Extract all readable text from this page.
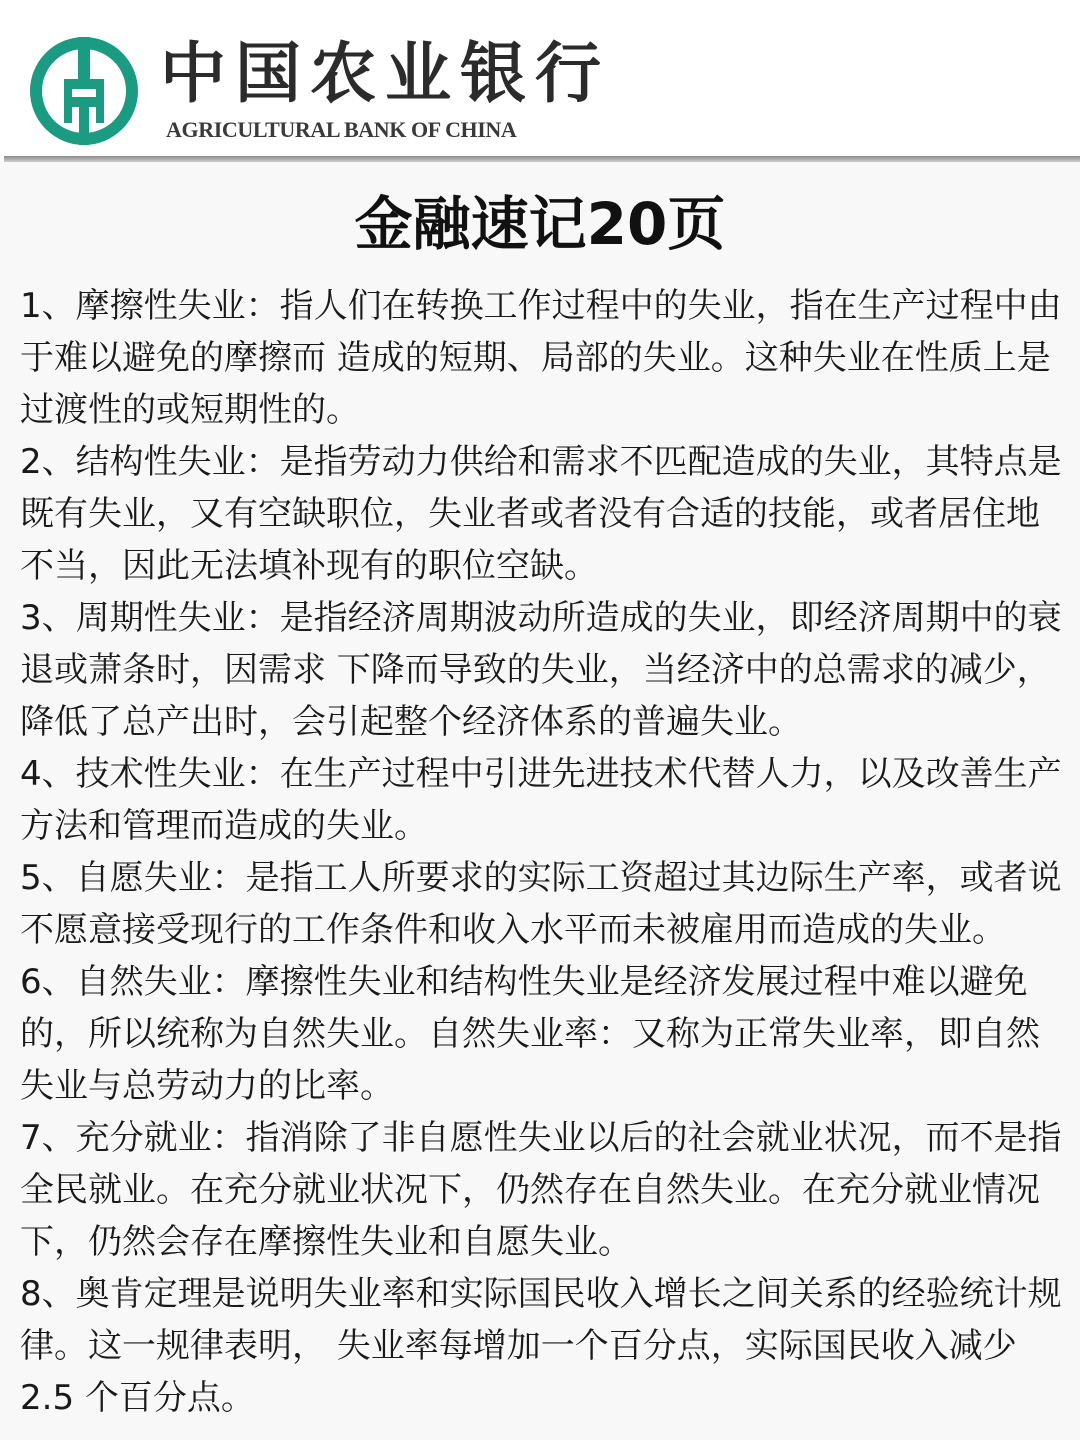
中国农业银行
AGRICULTURAL BANK OF CHINA
金融速记20页

1、摩擦性失业：指人们在转换工作过程中的失业，指在生产过程中由于难以避免的摩擦而 造成的短期、局部的失业。这种失业在性质上是过渡性的或短期性的。

2、结构性失业：是指劳动力供给和需求不匹配造成的失业，其特点是既有失业，又有空缺职位，失业者或者没有合适的技能，或者居住地不当，因此无法填补现有的职位空缺。

3、周期性失业：是指经济周期波动所造成的失业，即经济周期中的衰退或萧条时，因需求 下降而导致的失业，当经济中的总需求的减少，降低了总产出时，会引起整个经济体系的普遍失业。

4、技术性失业：在生产过程中引进先进技术代替人力，以及改善生产方法和管理而造成的失业。

5、自愿失业：是指工人所要求的实际工资超过其边际生产率，或者说不愿意接受现行的工作条件和收入水平而未被雇用而造成的失业。

6、自然失业：摩擦性失业和结构性失业是经济发展过程中难以避免的，所以统称为自然失业。自然失业率：又称为正常失业率，即自然失业与总劳动力的比率。

7、充分就业：指消除了非自愿性失业以后的社会就业状况，而不是指全民就业。在充分就业状况下，仍然存在自然失业。在充分就业情况下，仍然会存在摩擦性失业和自愿失业。

8、奥肯定理是说明失业率和实际国民收入增长之间关系的经验统计规律。这一规律表明， 失业率每增加一个百分点，实际国民收入减少 2.5 个百分点。
